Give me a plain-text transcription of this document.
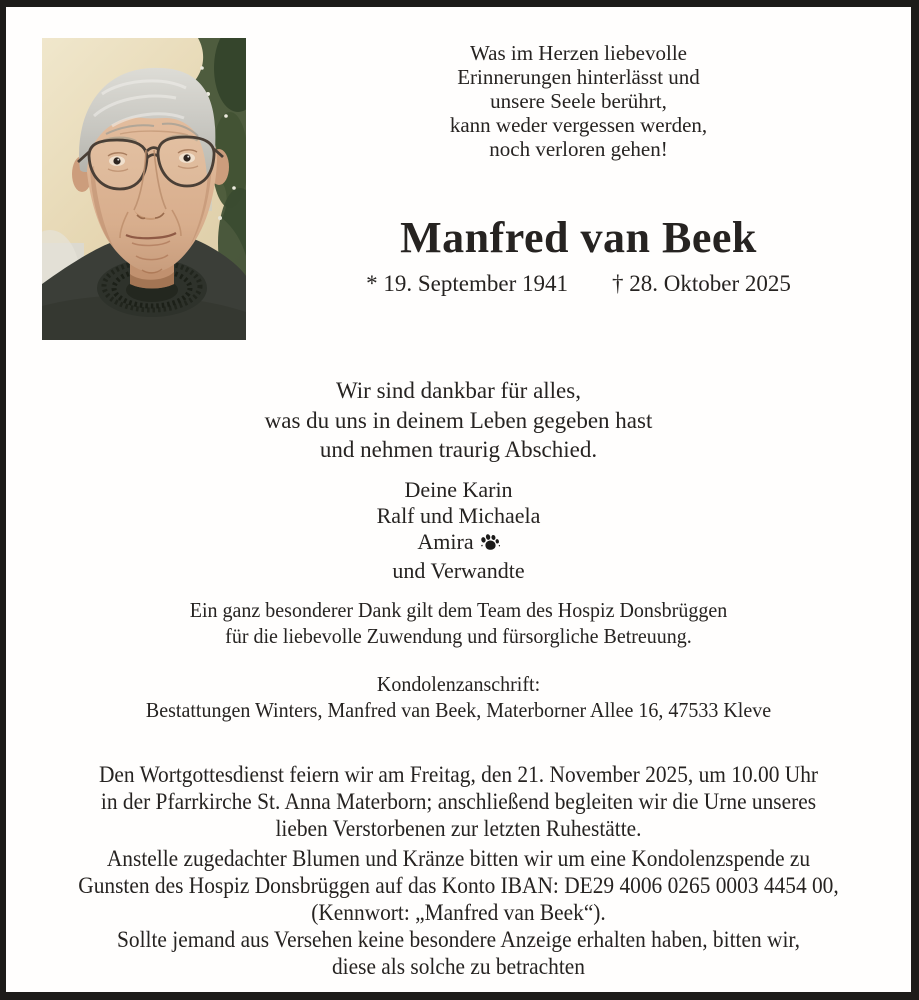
Was im Herzen liebevolle
Erinnerungen hinterlässt und
unsere Seele berührt,
kann weder vergessen werden,
noch verloren gehen!
Manfred van Beek
* 19. September 1941 † 28. Oktober 2025
Wir sind dankbar für alles,
was du uns in deinem Leben gegeben hast
und nehmen traurig Abschied.
Deine Karin
Ralf und Michaela
Amira
und Verwandte
Ein ganz besonderer Dank gilt dem Team des Hospiz Donsbrüggen
für die liebevolle Zuwendung und fürsorgliche Betreuung.
Kondolenzanschrift:
Bestattungen Winters, Manfred van Beek, Materborner Allee 16, 47533 Kleve
Den Wortgottesdienst feiern wir am Freitag, den 21. November 2025, um 10.00 Uhr
in der Pfarrkirche St. Anna Materborn; anschließend begleiten wir die Urne unseres
lieben Verstorbenen zur letzten Ruhestätte.
Anstelle zugedachter Blumen und Kränze bitten wir um eine Kondolenzspende zu
Gunsten des Hospiz Donsbrüggen auf das Konto IBAN: DE29 4006 0265 0003 4454 00,
(Kennwort: „Manfred van Beek“).
Sollte jemand aus Versehen keine besondere Anzeige erhalten haben, bitten wir,
diese als solche zu betrachten
